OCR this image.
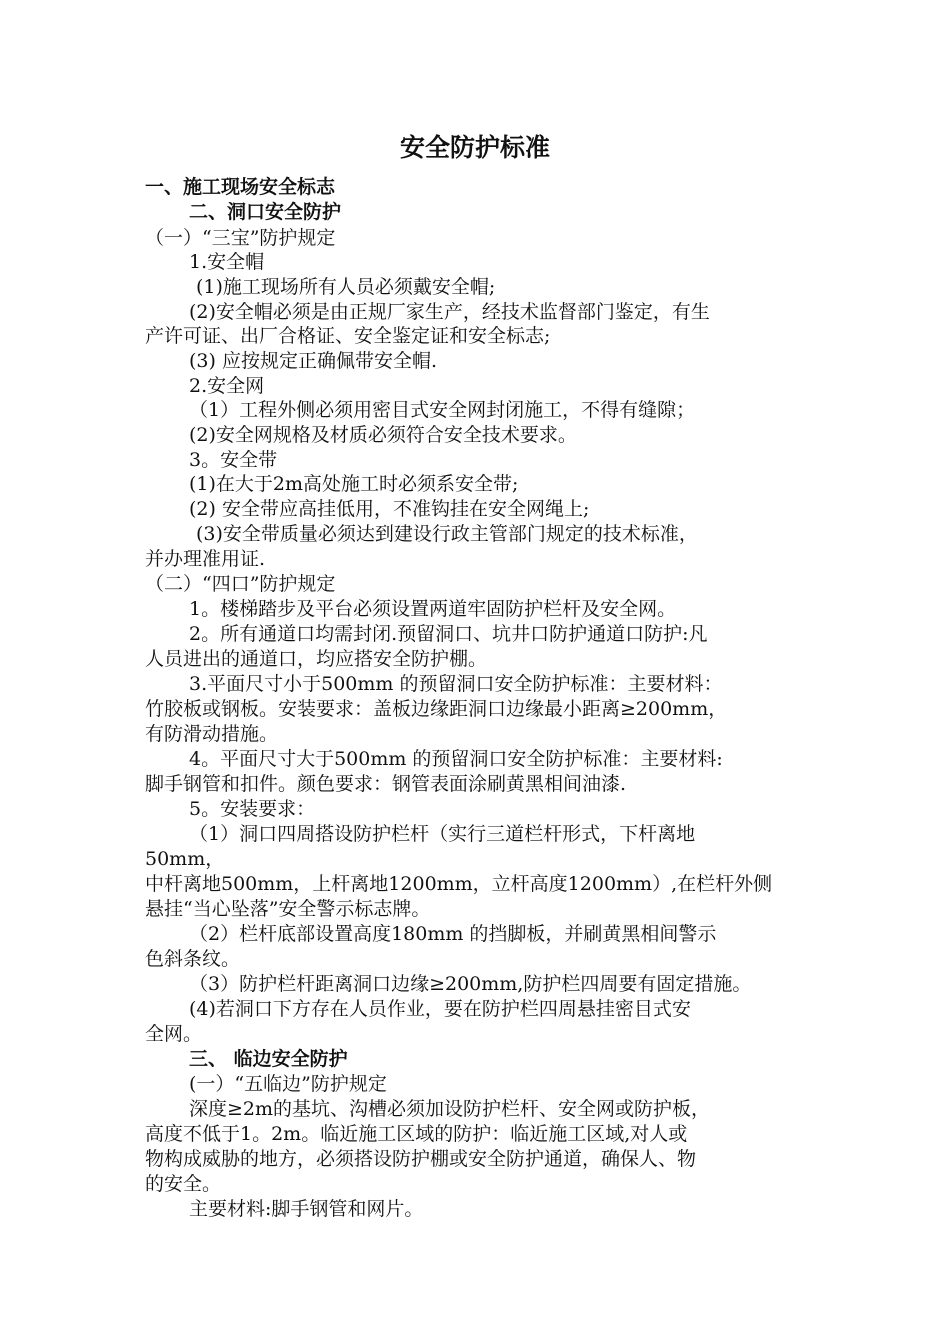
安全防护标准
一、施工现场安全标志
二、洞口安全防护
（一）“三宝”防护规定
1.安全帽
(1)施工现场所有人员必须戴安全帽;
(2)安全帽必须是由正规厂家生产，经技术监督部门鉴定，有生
产许可证、出厂合格证、安全鉴定证和安全标志;
(3) 应按规定正确佩带安全帽.
2.安全网
（1）工程外侧必须用密目式安全网封闭施工，不得有缝隙；
(2)安全网规格及材质必须符合安全技术要求。
3。安全带
(1)在大于2m高处施工时必须系安全带;
(2) 安全带应高挂低用，不准钩挂在安全网绳上;
(3)安全带质量必须达到建设行政主管部门规定的技术标准，
并办理准用证.
（二）“四口”防护规定
1。楼梯踏步及平台必须设置两道牢固防护栏杆及安全网。
2。所有通道口均需封闭.预留洞口、坑井口防护通道口防护:凡
人员进出的通道口，均应搭安全防护棚。
3.平面尺寸小于500mm 的预留洞口安全防护标准：主要材料：
竹胶板或钢板。安装要求：盖板边缘距洞口边缘最小距离≥200mm，
有防滑动措施。
4。平面尺寸大于500mm 的预留洞口安全防护标准：主要材料:
脚手钢管和扣件。颜色要求：钢管表面涂刷黄黑相间油漆.
5。安装要求：
（1）洞口四周搭设防护栏杆（实行三道栏杆形式，下杆离地
50mm，
中杆离地500mm，上杆离地1200mm，立杆高度1200mm）,在栏杆外侧
悬挂“当心坠落”安全警示标志牌。
（2）栏杆底部设置高度180mm 的挡脚板，并刷黄黑相间警示
色斜条纹。
（3）防护栏杆距离洞口边缘≥200mm,防护栏四周要有固定措施。
(4)若洞口下方存在人员作业，要在防护栏四周悬挂密目式安
全网。
三、 临边安全防护
(一）“五临边”防护规定
深度≥2m的基坑、沟槽必须加设防护栏杆、安全网或防护板，
高度不低于1。2m。临近施工区域的防护：临近施工区域,对人或
物构成威胁的地方，必须搭设防护棚或安全防护通道，确保人、物
的安全。
主要材料:脚手钢管和网片。
